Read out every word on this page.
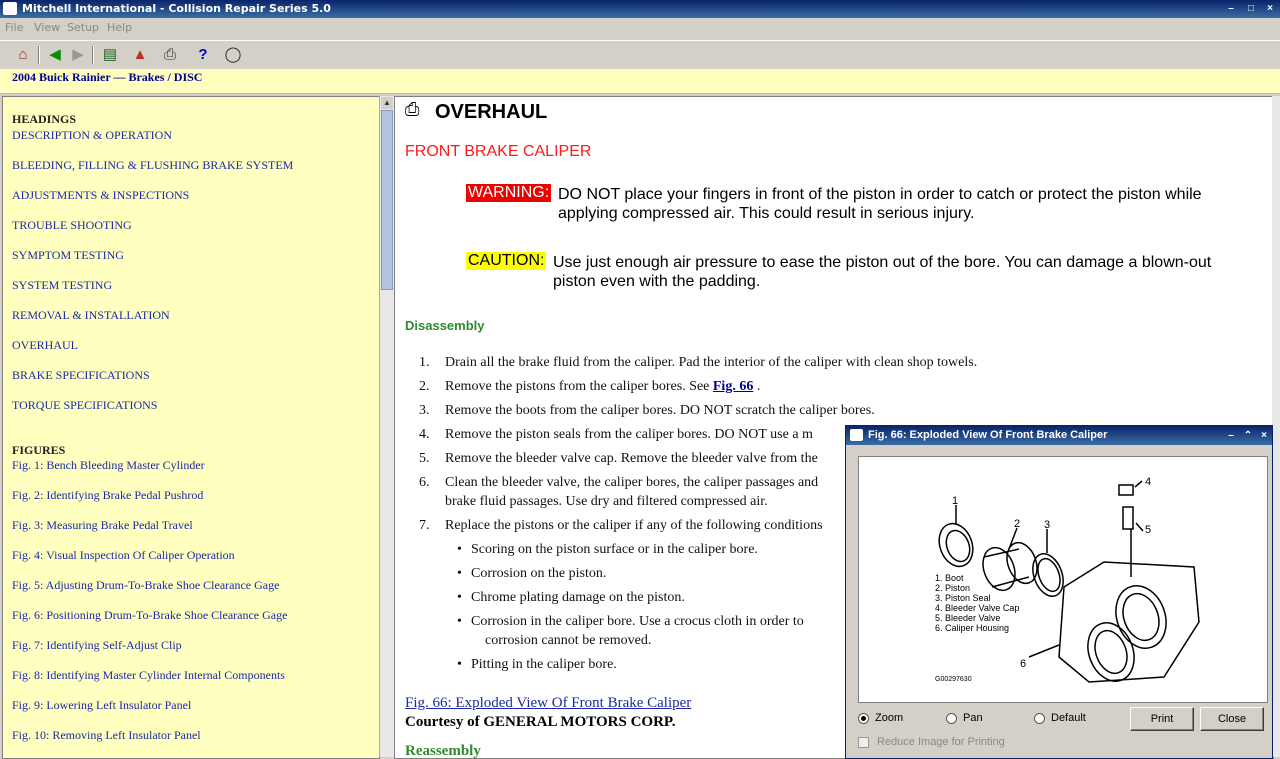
Mitchell International - Collision Repair Series 5.0	–	□	×
File View Setup Help
⌂	◀ ▶	▤ ▲	⎙	?	◯
2004 Buick Rainier — Brakes / DISC
HEADINGS
DESCRIPTION & OPERATION
BLEEDING, FILLING & FLUSHING BRAKE SYSTEM
ADJUSTMENTS & INSPECTIONS
TROUBLE SHOOTING
SYMPTOM TESTING
SYSTEM TESTING
REMOVAL & INSTALLATION
OVERHAUL
BRAKE SPECIFICATIONS
TORQUE SPECIFICATIONS
FIGURES
Fig. 1: Bench Bleeding Master Cylinder
Fig. 2: Identifying Brake Pedal Pushrod
Fig. 3: Measuring Brake Pedal Travel
Fig. 4: Visual Inspection Of Caliper Operation
Fig. 5: Adjusting Drum-To-Brake Shoe Clearance Gage
Fig. 6: Positioning Drum-To-Brake Shoe Clearance Gage
Fig. 7: Identifying Self-Adjust Clip
Fig. 8: Identifying Master Cylinder Internal Components
Fig. 9: Lowering Left Insulator Panel
Fig. 10: Removing Left Insulator Panel
▲ ⎙ OVERHAUL
FRONT BRAKE CALIPER
WARNING: DO NOT place your fingers in front of the piston in order to catch or protect the piston while
applying compressed air. This could result in serious injury.
CAUTION: Use just enough air pressure to ease the piston out of the bore. You can damage a blown-out
piston even with the padding.
Disassembly
1.	Drain all the brake fluid from the caliper. Pad the interior of the caliper with clean shop towels.
2.	Remove the pistons from the caliper bores. See Fig. 66 .
3.	Remove the boots from the caliper bores. DO NOT scratch the caliper bores.
4.	Remove the piston seals from the caliper bores. DO NOT use a m
5.	Remove the bleeder valve cap. Remove the bleeder valve from the
6.	Clean the bleeder valve, the caliper bores, the caliper passages and
brake fluid passages. Use dry and filtered compressed air.
7.	Replace the pistons or the caliper if any of the following conditions
• Scoring on the piston surface or in the caliper bore.
• Corrosion on the piston.
• Chrome plating damage on the piston.
• Corrosion in the caliper bore. Use a crocus cloth in order to
corrosion cannot be removed.
• Pitting in the caliper bore.
Fig. 66: Exploded View Of Front Brake Caliper
Courtesy of GENERAL MOTORS CORP.
Reassembly
Fig. 66: Exploded View Of Front Brake Caliper	–	⌃ ×
1
2 3
4
5
6
1. Boot
2. Piston
3. Piston Seal
4. Bleeder Valve Cap
5. Bleeder Valve
6. Caliper Housing
G00297630
Zoom	Pan	Default	Print	Close
Reduce Image for Printing
